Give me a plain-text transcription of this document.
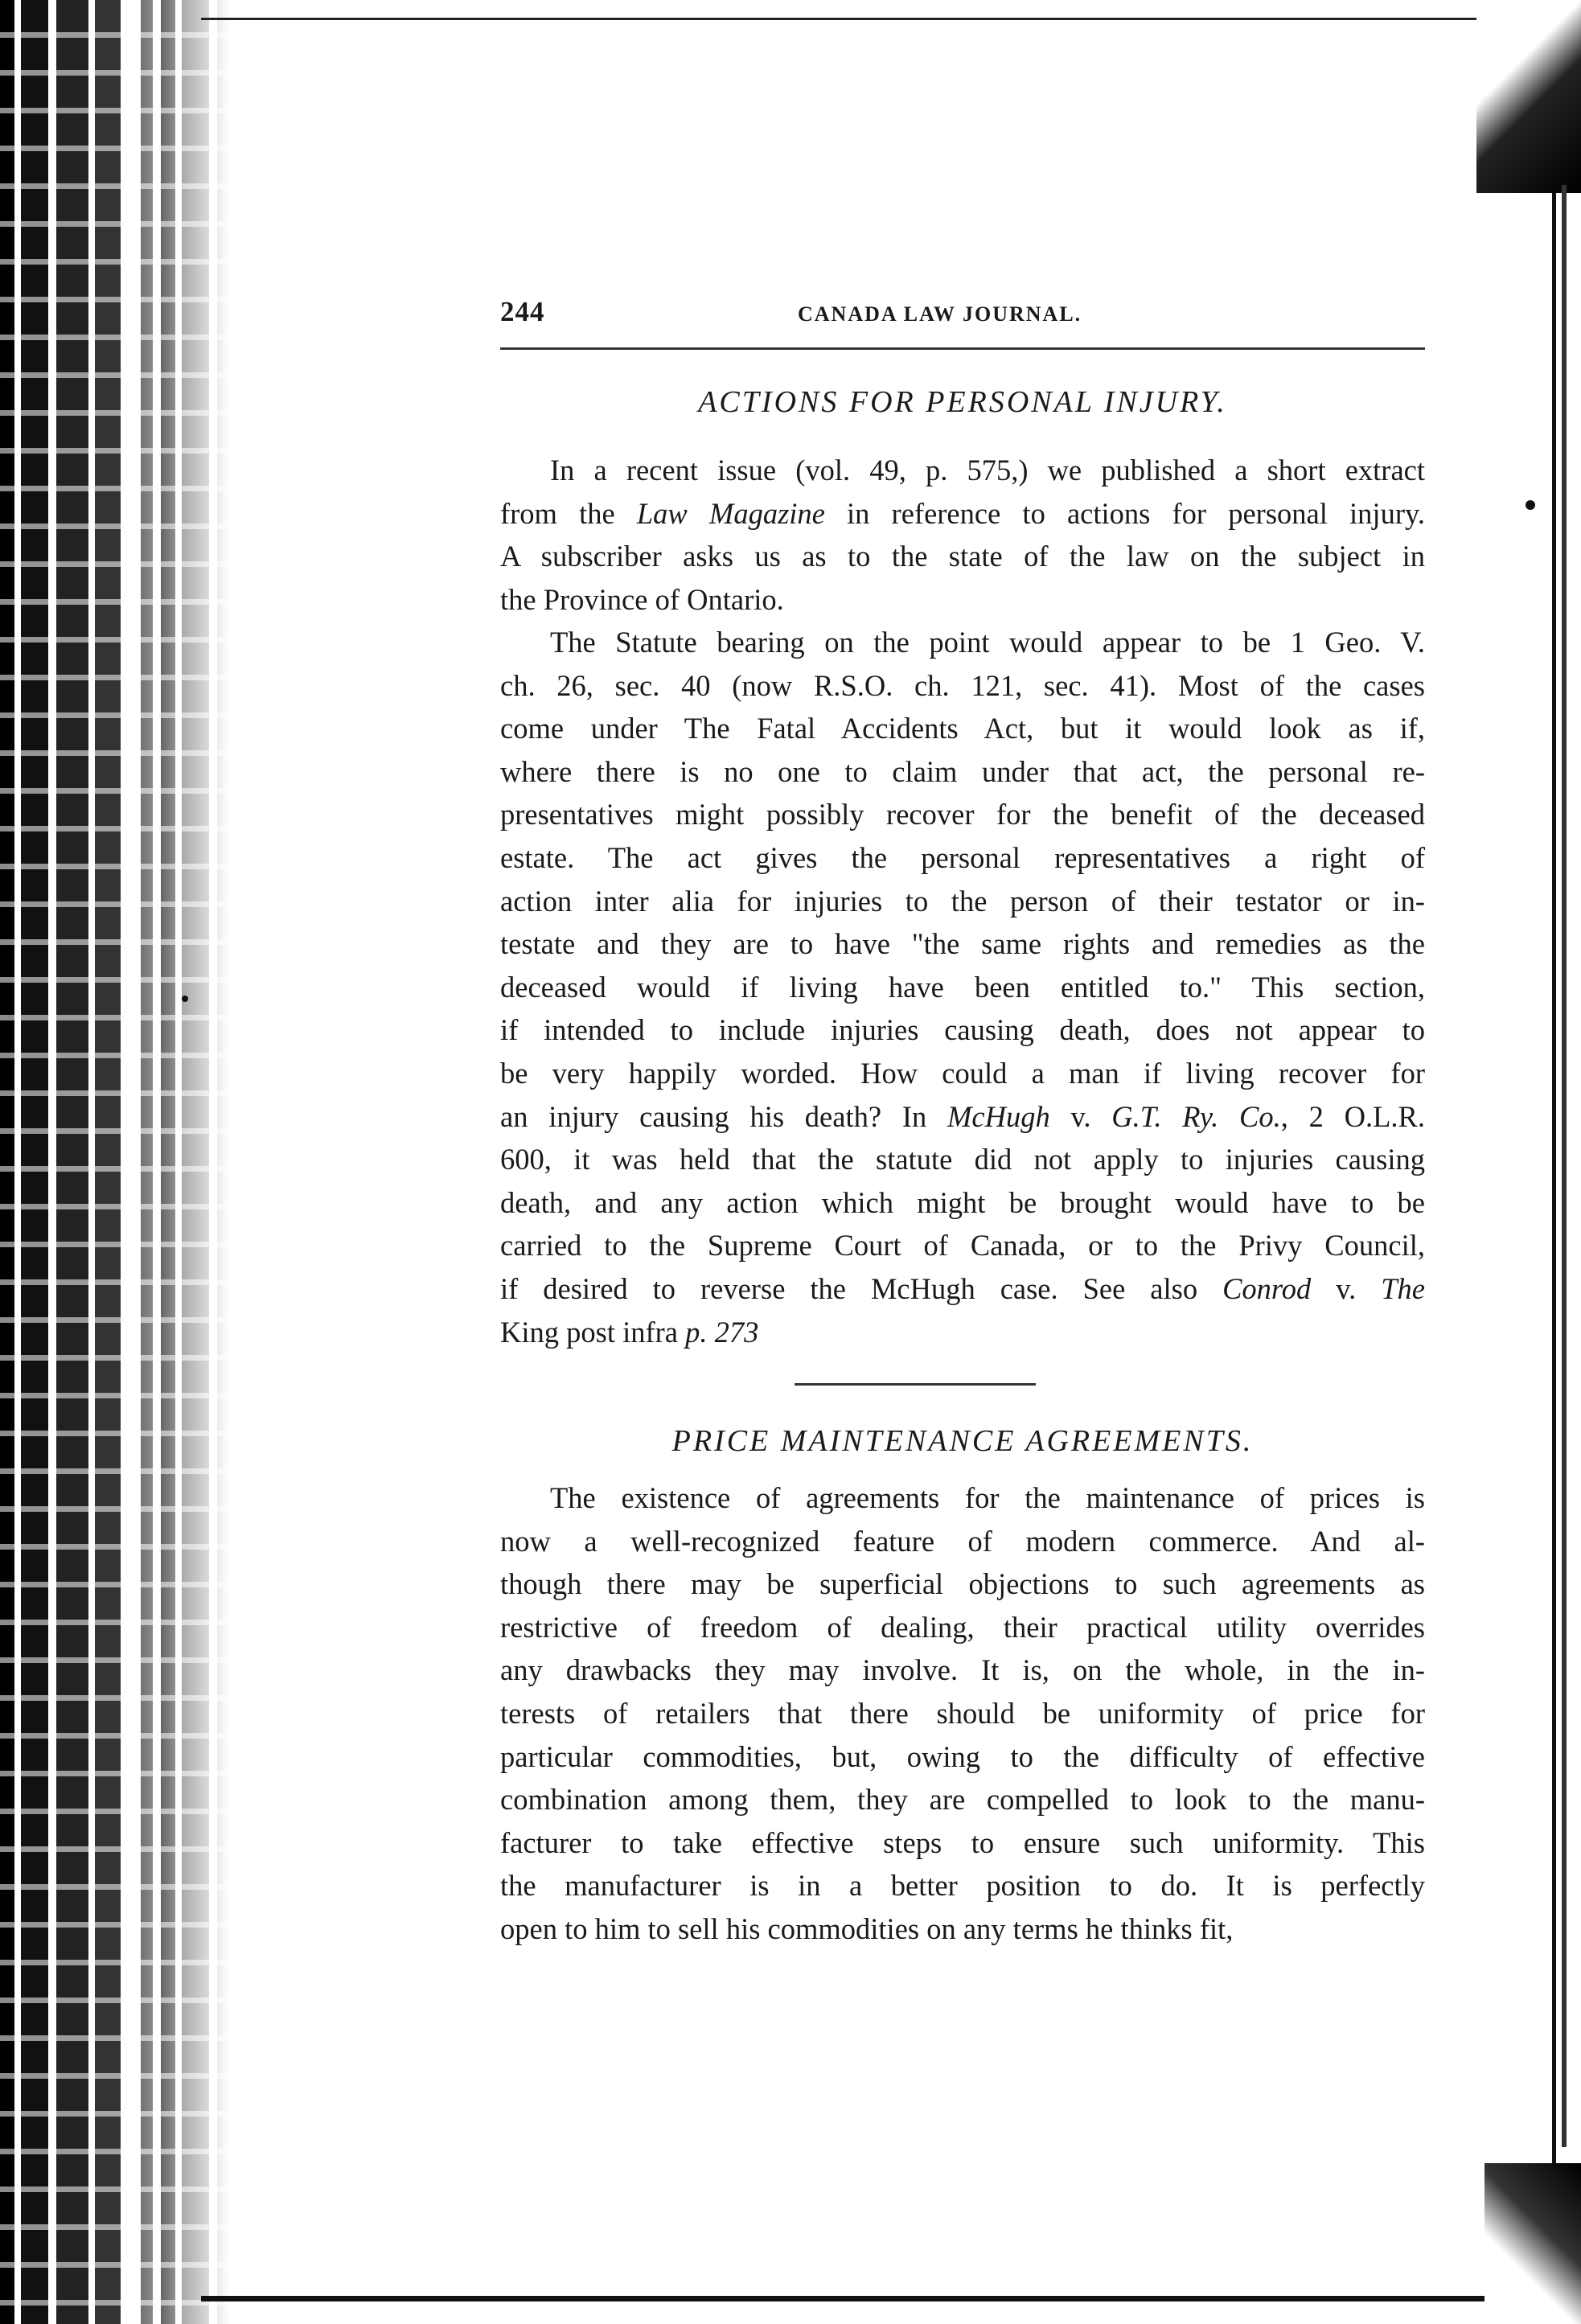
244	CANADA LAW JOURNAL.
ACTIONS FOR PERSONAL INJURY.
In a recent issue (vol. 49, p. 575,) we published a short extract
from the Law Magazine in reference to actions for personal injury.
A subscriber asks us as to the state of the law on the subject in
the Province of Ontario.
The Statute bearing on the point would appear to be 1 Geo. V.
ch. 26, sec. 40 (now R.S.O. ch. 121, sec. 41). Most of the cases
come under The Fatal Accidents Act, but it would look as if,
where there is no one to claim under that act, the personal re-
presentatives might possibly recover for the benefit of the deceased
estate. The act gives the personal representatives a right of
action inter alia for injuries to the person of their testator or in-
testate and they are to have "the same rights and remedies as the
deceased would if living have been entitled to." This section,
if intended to include injuries causing death, does not appear to
be very happily worded. How could a man if living recover for
an injury causing his death? In McHugh v. G.T. Ry. Co., 2 O.L.R.
600, it was held that the statute did not apply to injuries causing
death, and any action which might be brought would have to be
carried to the Supreme Court of Canada, or to the Privy Council,
if desired to reverse the McHugh case. See also Conrod v. The
King post infra p. 273
PRICE MAINTENANCE AGREEMENTS.
The existence of agreements for the maintenance of prices is
now a well-recognized feature of modern commerce. And al-
though there may be superficial objections to such agreements as
restrictive of freedom of dealing, their practical utility overrides
any drawbacks they may involve. It is, on the whole, in the in-
terests of retailers that there should be uniformity of price for
particular commodities, but, owing to the difficulty of effective
combination among them, they are compelled to look to the manu-
facturer to take effective steps to ensure such uniformity. This
the manufacturer is in a better position to do. It is perfectly
open to him to sell his commodities on any terms he thinks fit,
